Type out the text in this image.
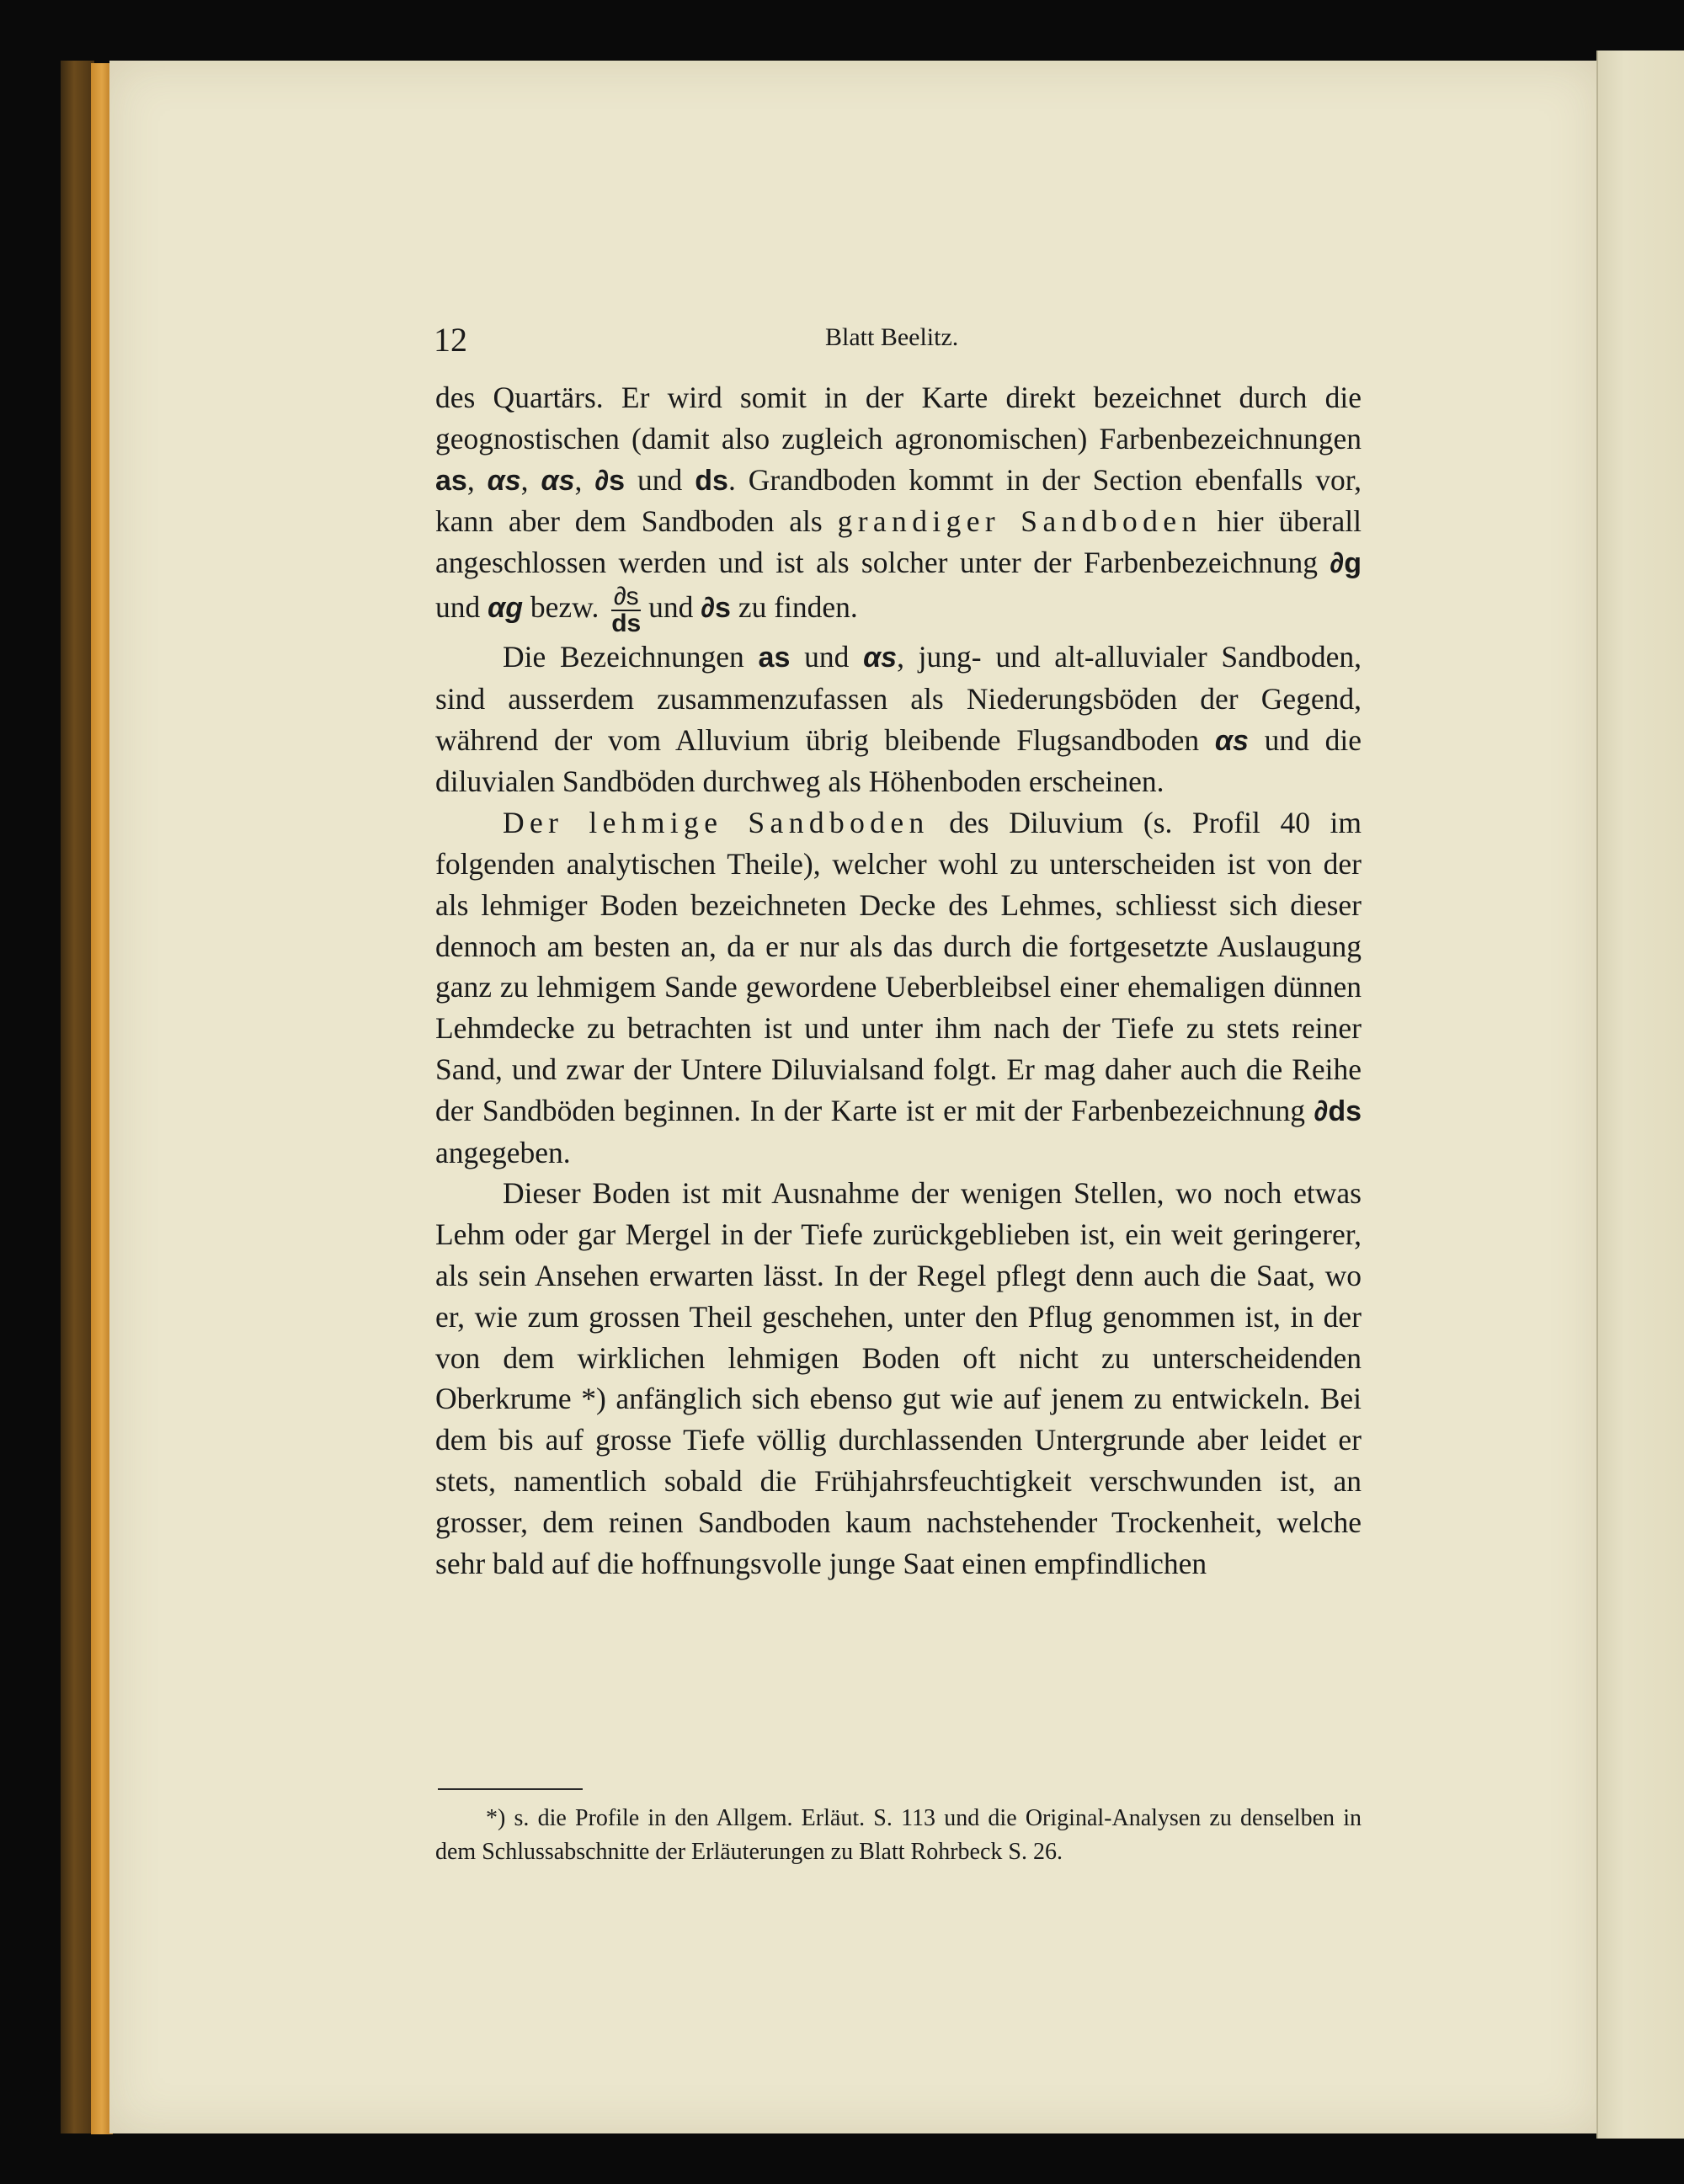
12	Blatt Beelitz.

des Quartärs. Er wird somit in der Karte direkt bezeichnet durch die geognostischen (damit also zugleich agronomischen) Farbenbezeichnungen as, αs, αs, ∂s und ds. Grandboden kommt in der Section ebenfalls vor, kann aber dem Sandboden als grandiger Sandboden hier überall angeschlossen werden und ist als solcher unter der Farbenbezeichnung ∂g und αg bezw. $\frac{\partial s}{ds}$ und ∂s zu finden.

Die Bezeichnungen as und αs, jung- und alt-alluvialer Sandboden, sind ausserdem zusammenzufassen als Niederungsböden der Gegend, während der vom Alluvium übrig bleibende Flugsandboden αs und die diluvialen Sandböden durchweg als Höhenboden erscheinen.

Der lehmige Sandboden des Diluvium (s. Profil 40 im folgenden analytischen Theile), welcher wohl zu unterscheiden ist von der als lehmiger Boden bezeichneten Decke des Lehmes, schliesst sich dieser dennoch am besten an, da er nur als das durch die fortgesetzte Auslaugung ganz zu lehmigem Sande gewordene Ueberbleibsel einer ehemaligen dünnen Lehmdecke zu betrachten ist und unter ihm nach der Tiefe zu stets reiner Sand, und zwar der Untere Diluvialsand folgt. Er mag daher auch die Reihe der Sandböden beginnen. In der Karte ist er mit der Farbenbezeichnung ∂ds angegeben.

Dieser Boden ist mit Ausnahme der wenigen Stellen, wo noch etwas Lehm oder gar Mergel in der Tiefe zurückgeblieben ist, ein weit geringerer, als sein Ansehen erwarten lässt. In der Regel pflegt denn auch die Saat, wo er, wie zum grossen Theil geschehen, unter den Pflug genommen ist, in der von dem wirklichen lehmigen Boden oft nicht zu unterscheidenden Oberkrume *) anfänglich sich ebenso gut wie auf jenem zu entwickeln. Bei dem bis auf grosse Tiefe völlig durchlassenden Untergrunde aber leidet er stets, namentlich sobald die Frühjahrsfeuchtigkeit verschwunden ist, an grosser, dem reinen Sandboden kaum nachstehender Trockenheit, welche sehr bald auf die hoffnungsvolle junge Saat einen empfindlichen

*) s. die Profile in den Allgem. Erläut. S. 113 und die Original-Analysen zu denselben in dem Schlussabschnitte der Erläuterungen zu Blatt Rohrbeck S. 26.
